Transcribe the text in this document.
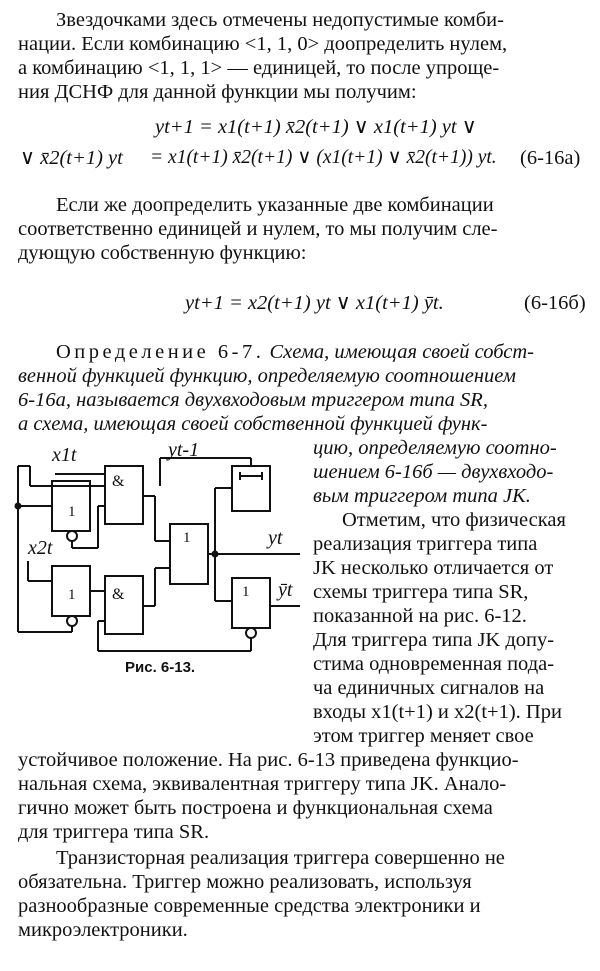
Звездочками здесь отмечены недопустимые комби-
нации. Если комбинацию <1, 1, 0> доопределить нулем,
а комбинацию <1, 1, 1> — единицей, то после упроще-
ния ДСНФ для данной функции мы получим:
yt+1 = x1(t+1) x̄2(t+1) ∨ x1(t+1) yt ∨
∨ x̄2(t+1) yt = x1(t+1) x̄2(t+1) ∨ (x1(t+1) ∨ x̄2(t+1)) yt. (6-16a)
Если же доопределить указанные две комбинации
соответственно единицей и нулем, то мы получим сле-
дующую собственную функцию:
yt+1 = x2(t+1) yt ∨ x1(t+1) ȳt.	(6-16б)
Определение 6-7. Схема, имеющая своей собст-
венной функцией функцию, определяемую соотношением
6-16а, называется двухвходовым триггером типа SR,
а схема, имеющая своей собственной функцией функ-
цию, определяемую соотно-
шением 6-16б — двухвходо-
вым триггером типа JK.
Отметим, что физическая
реализация триггера типа
JK несколько отличается от
схемы триггера типа SR,
показанной на рис. 6-12.
Для триггера типа JK допу-
стима одновременная пода-
ча единичных сигналов на
входы x1(t+1) и x2(t+1). При
этом триггер меняет свое
устойчивое положение. На рис. 6-13 приведена функцио-
нальная схема, эквивалентная триггеру типа JK. Анало-
гично может быть построена и функциональная схема
для триггера типа SR.
Транзисторная реализация триггера совершенно не
обязательна. Триггер можно реализовать, используя
разнообразные современные средства электроники и
микроэлектроники.
1
&
1 &
1
1
x1t
x2t
yt-1
yt
ȳt
Рис. 6-13.
